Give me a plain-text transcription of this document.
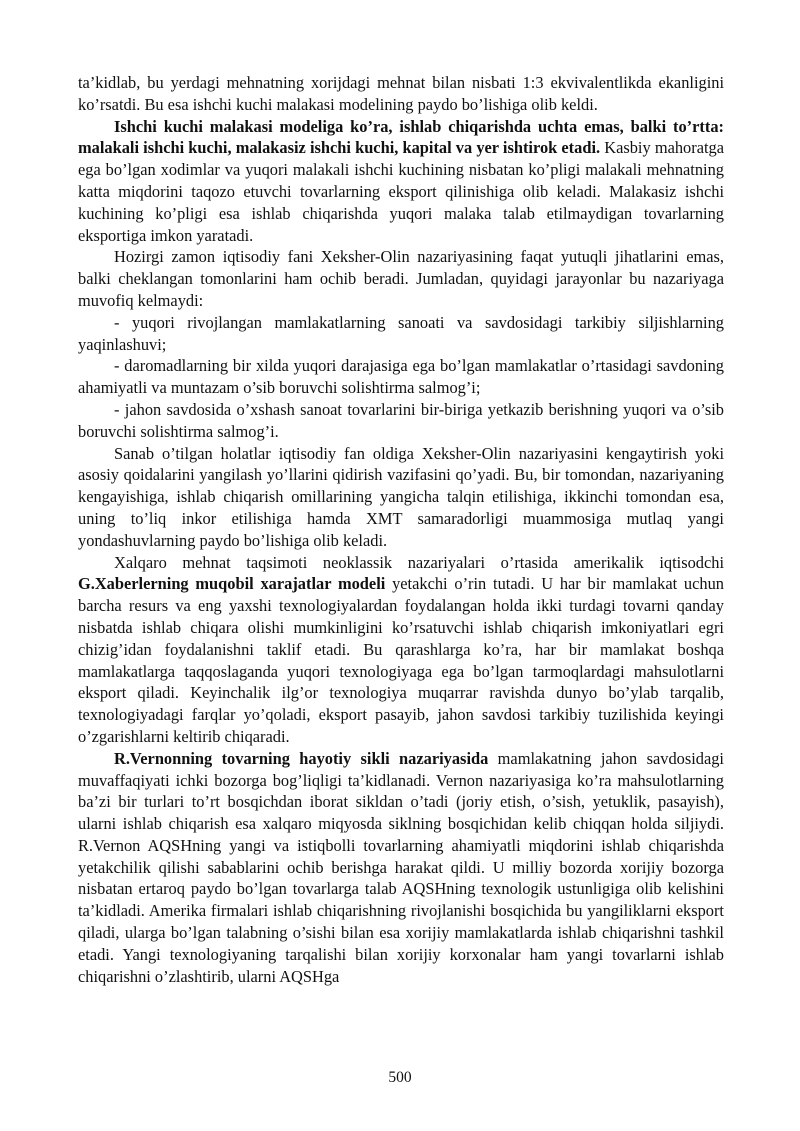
ta’kidlab, bu yerdagi mehnatning xorijdagi mehnat bilan nisbati 1:3 ekvivalentlikda ekanligini ko’rsatdi. Bu esa ishchi kuchi malakasi modelining paydo bo’lishiga olib keldi.

Ishchi kuchi malakasi modeliga ko’ra, ishlab chiqarishda uchta emas, balki to’rtta: malakali ishchi kuchi, malakasiz ishchi kuchi, kapital va yer ishtirok etadi. Kasbiy mahoratga ega bo’lgan xodimlar va yuqori malakali ishchi kuchining nisbatan ko’pligi malakali mehnatning katta miqdorini taqozo etuvchi tovarlarning eksport qilinishiga olib keladi. Malakasiz ishchi kuchining ko’pligi esa ishlab chiqarishda yuqori malaka talab etilmaydigan tovarlarning eksportiga imkon yaratadi.

Hozirgi zamon iqtisodiy fani Xeksher-Olin nazariyasining faqat yutuqli jihatlarini emas, balki cheklangan tomonlarini ham ochib beradi. Jumladan, quyidagi jarayonlar bu nazariyaga muvofiq kelmaydi:

- yuqori rivojlangan mamlakatlarning sanoati va savdosidagi tarkibiy siljishlarning yaqinlashuvi;

- daromadlarning bir xilda yuqori darajasiga ega bo’lgan mamlakatlar o’rtasidagi savdoning ahamiyatli va muntazam o’sib boruvchi solishtirma salmog’i;

- jahon savdosida o’xshash sanoat tovarlarini bir-biriga yetkazib berishning yuqori va o’sib boruvchi solishtirma salmog’i.

Sanab o’tilgan holatlar iqtisodiy fan oldiga Xeksher-Olin nazariyasini kengaytirish yoki asosiy qoidalarini yangilash yo’llarini qidirish vazifasini qo’yadi. Bu, bir tomondan, nazariyaning kengayishiga, ishlab chiqarish omillarining yangicha talqin etilishiga, ikkinchi tomondan esa, uning to’liq inkor etilishiga hamda XMT samaradorligi muammosiga mutlaq yangi yondashuvlarning paydo bo’lishiga olib keladi.

Xalqaro mehnat taqsimoti neoklassik nazariyalari o’rtasida amerikalik iqtisodchi G.Xaberlerning muqobil xarajatlar modeli yetakchi o’rin tutadi. U har bir mamlakat uchun barcha resurs va eng yaxshi texnologiyalardan foydalangan holda ikki turdagi tovarni qanday nisbatda ishlab chiqara olishi mumkinligini ko’rsatuvchi ishlab chiqarish imkoniyatlari egri chizig’idan foydalanishni taklif etadi. Bu qarashlarga ko’ra, har bir mamlakat boshqa mamlakatlarga taqqoslaganda yuqori texnologiyaga ega bo’lgan tarmoqlardagi mahsulotlarni eksport qiladi. Keyinchalik ilg’or texnologiya muqarrar ravishda dunyo bo’ylab tarqalib, texnologiyadagi farqlar yo’qoladi, eksport pasayib, jahon savdosi tarkibiy tuzilishida keyingi o’zgarishlarni keltirib chiqaradi.

R.Vernonning tovarning hayotiy sikli nazariyasida mamlakatning jahon savdosidagi muvaffaqiyati ichki bozorga bog’liqligi ta’kidlanadi. Vernon nazariyasiga ko’ra mahsulotlarning ba’zi bir turlari to’rt bosqichdan iborat sikldan o’tadi (joriy etish, o’sish, yetuklik, pasayish), ularni ishlab chiqarish esa xalqaro miqyosda siklning bosqichidan kelib chiqqan holda siljiydi. R.Vernon AQSHning yangi va istiqbolli tovarlarning ahamiyatli miqdorini ishlab chiqarishda yetakchilik qilishi sabablarini ochib berishga harakat qildi. U milliy bozorda xorijiy bozorga nisbatan ertaroq paydo bo’lgan tovarlarga talab AQSHning texnologik ustunligiga olib kelishini ta’kidladi. Amerika firmalari ishlab chiqarishning rivojlanishi bosqichida bu yangiliklarni eksport qiladi, ularga bo’lgan talabning o’sishi bilan esa xorijiy mamlakatlarda ishlab chiqarishni tashkil etadi. Yangi texnologiyaning tarqalishi bilan xorijiy korxonalar ham yangi tovarlarni ishlab chiqarishni o’zlashtirib, ularni AQSHga

500
